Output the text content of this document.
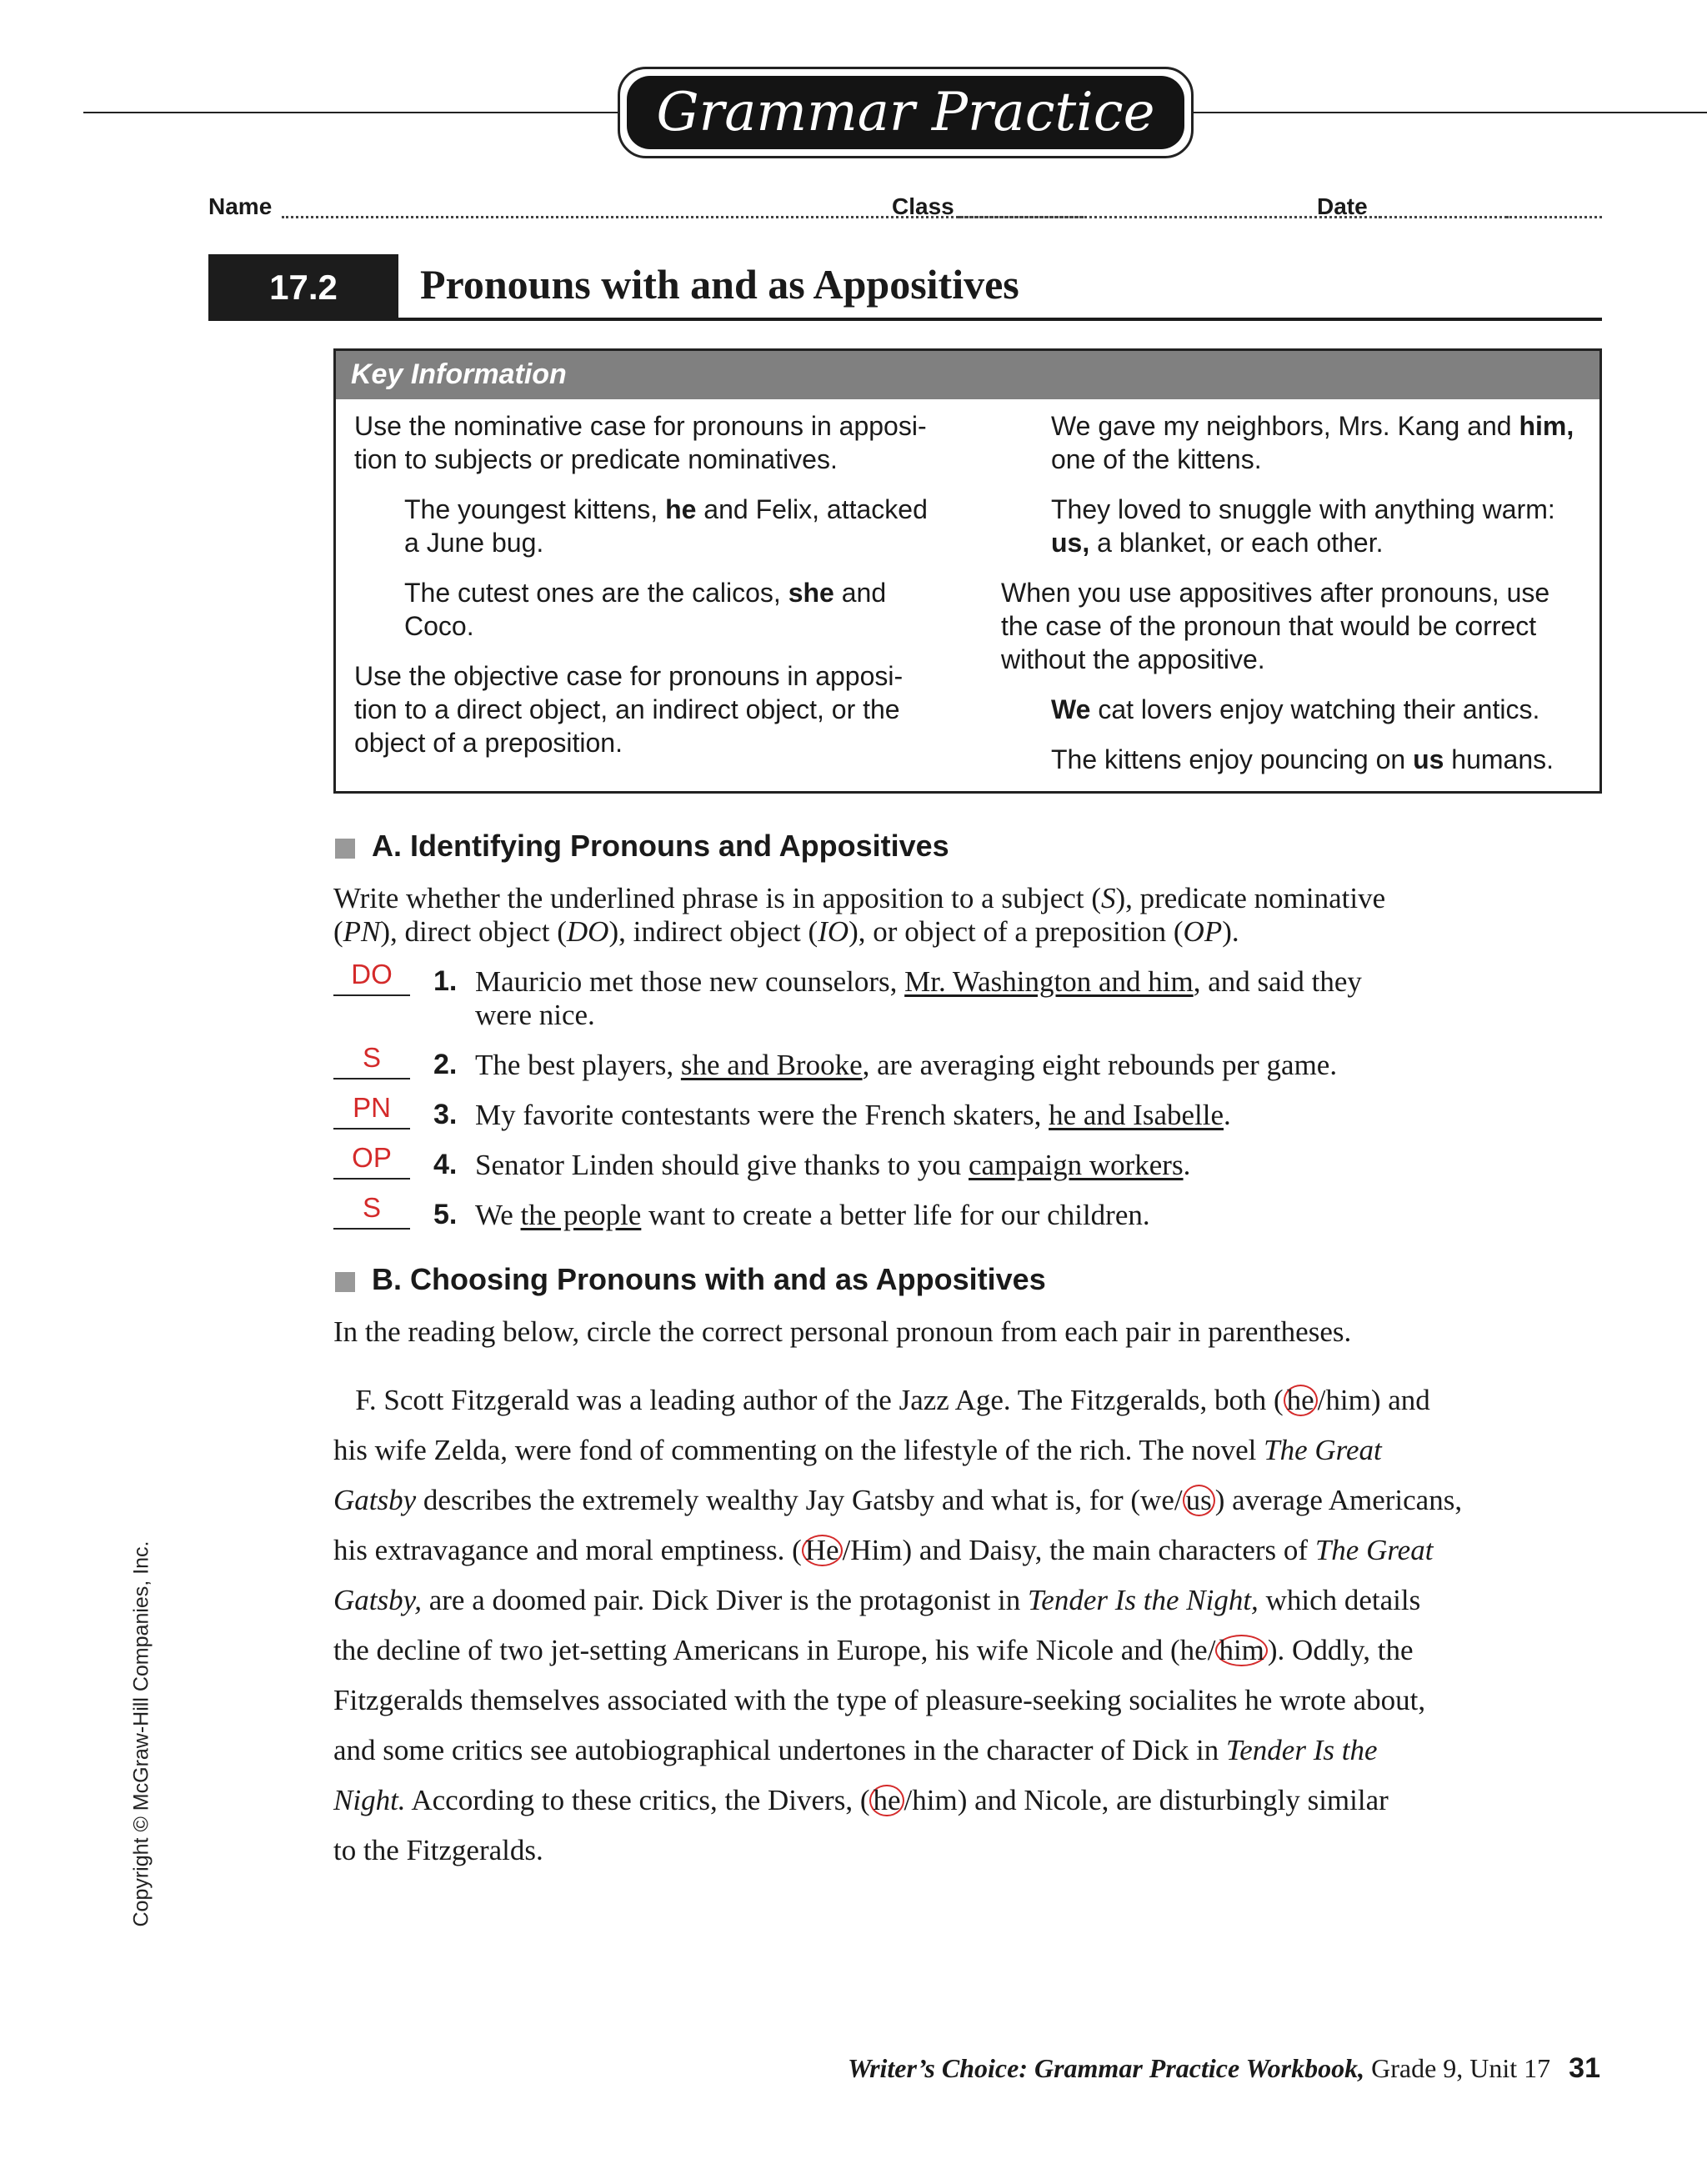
Grammar Practice
Name	Class	Date
17.2	Pronouns with and as Appositives
Key Information
Use the nominative case for pronouns in apposi-
tion to subjects or predicate nominatives.
The youngest kittens, he and Felix, attacked a June bug.
The cutest ones are the calicos, she and Coco.
Use the objective case for pronouns in apposi-
tion to a direct object, an indirect object, or the
object of a preposition.
We gave my neighbors, Mrs. Kang and him, one of the kittens.
They loved to snuggle with anything warm: us, a blanket, or each other.
When you use appositives after pronouns, use the case of the pronoun that would be correct without the appositive.
We cat lovers enjoy watching their antics.
The kittens enjoy pouncing on us humans.
A. Identifying Pronouns and Appositives
Write whether the underlined phrase is in apposition to a subject (S), predicate nominative
(PN), direct object (DO), indirect object (IO), or object of a preposition (OP).
DO	1. Mauricio met those new counselors, Mr. Washington and him, and said they
were nice.
S	2. The best players, she and Brooke, are averaging eight rebounds per game.
PN	3. My favorite contestants were the French skaters, he and Isabelle.
OP	4. Senator Linden should give thanks to you campaign workers.
S	5. We the people want to create a better life for our children.
B. Choosing Pronouns with and as Appositives
In the reading below, circle the correct personal pronoun from each pair in parentheses.
F. Scott Fitzgerald was a leading author of the Jazz Age. The Fitzgeralds, both ( he /him) and
his wife Zelda, were fond of commenting on the lifestyle of the rich. The novel The Great
Gatsby describes the extremely wealthy Jay Gatsby and what is, for (we/ us ) average Americans,
his extravagance and moral emptiness. ( He /Him) and Daisy, the main characters of The Great
Gatsby, are a doomed pair. Dick Diver is the protagonist in Tender Is the Night, which details
the decline of two jet-setting Americans in Europe, his wife Nicole and (he/ him ). Oddly, the
Fitzgeralds themselves associated with the type of pleasure-seeking socialites he wrote about,
and some critics see autobiographical undertones in the character of Dick in Tender Is the
Night. According to these critics, the Divers, ( he /him) and Nicole, are disturbingly similar
to the Fitzgeralds.
Copyright © McGraw-Hill Companies, Inc.
Writer’s Choice: Grammar Practice Workbook, Grade 9, Unit 17 31
